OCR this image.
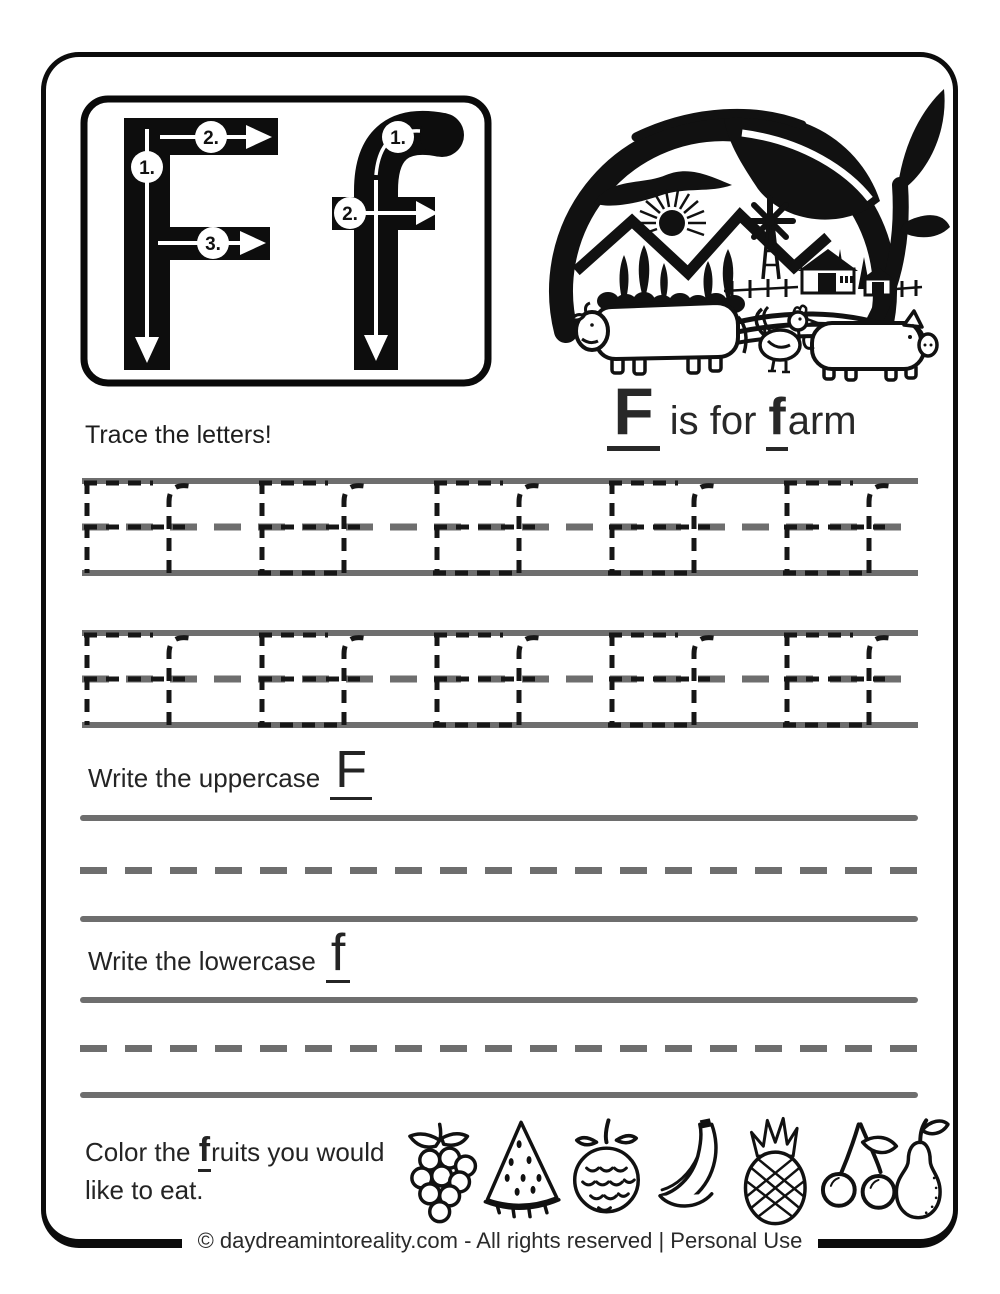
1.
2.
3.
1.
2.
F is for farm
Trace the letters!
Write the uppercase F
Write the lowercase f
Color the fruits you would
like to eat.
© daydreamintoreality.com - All rights reserved | Personal Use
